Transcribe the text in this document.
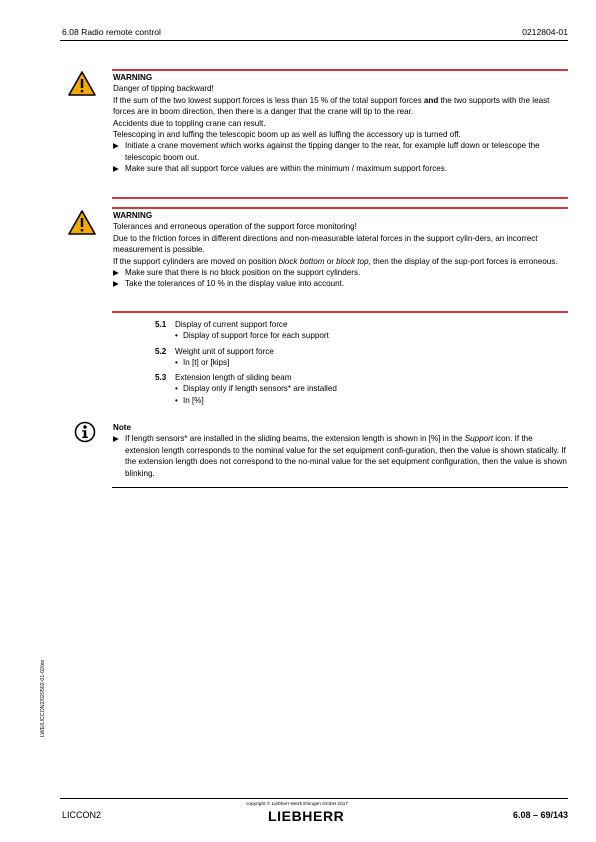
6.08 Radio remote control	0212804-01

WARNING

Danger of tipping backward!

If the sum of the two lowest support forces is less than 15 % of the total support forces and the two supports with the least forces are in boom direction, then there is a danger that the crane will tip to the rear.

Accidents due to toppling crane can result.

Telescoping in and luffing the telescopic boom up as well as luffing the accessory up is turned off.

▶ Initiate a crane movement which works against the tipping danger to the rear, for example luff down or telescope the telescopic boom out.

▶ Make sure that all support force values are within the minimum / maximum support forces.

WARNING

Tolerances and erroneous operation of the support force monitoring!

Due to the friction forces in different directions and non-measurable lateral forces in the support cylin-ders, an incorrect measurement is possible.

If the support cylinders are moved on position block bottom or block top, then the display of the sup-port forces is erroneous.

▶ Make sure that there is no block position on the support cylinders.

▶ Take the tolerances of 10 % in the display value into account.

5.1 Display of current support force
• Display of support force for each support
5.2 Weight unit of support force
• In [t] or [kips]
5.3 Extension length of sliding beam
• Display only if length sensors* are installed
• In [%]

Note

▶ If length sensors* are installed in the sliding beams, the extension length is shown in [%] in the Support icon. If the extension length corresponds to the nominal value for the set equipment confi-guration, then the value is shown statically. If the extension length does not correspond to the no-minal value for the set equipment configuration, then the value is shown blinking.

LWE/LICCON2/020502-01-02/en
LICCON2
copyright © Liebherr-Werk Ehingen GmbH 2017
LIEBHERR	6.08 – 69/143
